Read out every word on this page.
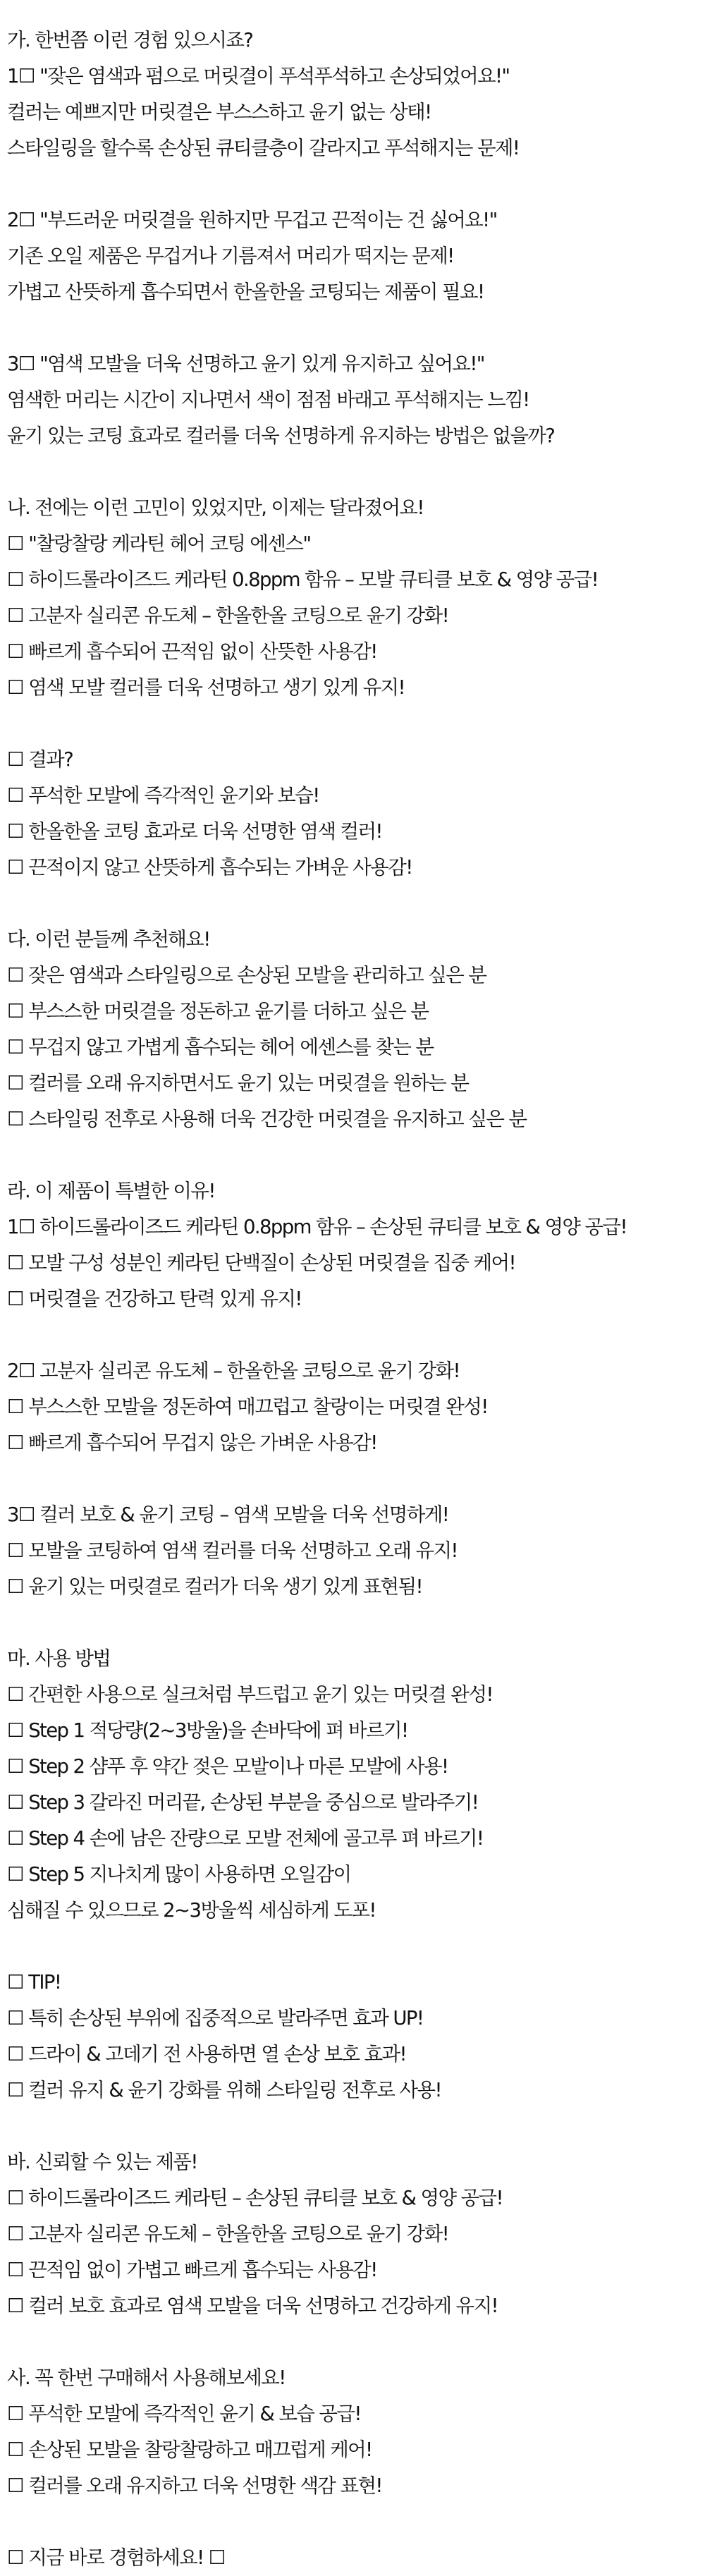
가. 한번쯤 이런 경험 있으시죠?
1☐ "잦은 염색과 펌으로 머릿결이 푸석푸석하고 손상되었어요!"
컬러는 예쁘지만 머릿결은 부스스하고 윤기 없는 상태!
스타일링을 할수록 손상된 큐티클층이 갈라지고 푸석해지는 문제!
2☐ "부드러운 머릿결을 원하지만 무겁고 끈적이는 건 싫어요!"
기존 오일 제품은 무겁거나 기름져서 머리가 떡지는 문제!
가볍고 산뜻하게 흡수되면서 한올한올 코팅되는 제품이 필요!
3☐ "염색 모발을 더욱 선명하고 윤기 있게 유지하고 싶어요!"
염색한 머리는 시간이 지나면서 색이 점점 바래고 푸석해지는 느낌!
윤기 있는 코팅 효과로 컬러를 더욱 선명하게 유지하는 방법은 없을까?
나. 전에는 이런 고민이 있었지만, 이제는 달라졌어요!
☐ "찰랑찰랑 케라틴 헤어 코팅 에센스"
☐ 하이드롤라이즈드 케라틴 0.8ppm 함유 – 모발 큐티클 보호 & 영양 공급!
☐ 고분자 실리콘 유도체 – 한올한올 코팅으로 윤기 강화!
☐ 빠르게 흡수되어 끈적임 없이 산뜻한 사용감!
☐ 염색 모발 컬러를 더욱 선명하고 생기 있게 유지!
☐ 결과?
☐ 푸석한 모발에 즉각적인 윤기와 보습!
☐ 한올한올 코팅 효과로 더욱 선명한 염색 컬러!
☐ 끈적이지 않고 산뜻하게 흡수되는 가벼운 사용감!
다. 이런 분들께 추천해요!
☐ 잦은 염색과 스타일링으로 손상된 모발을 관리하고 싶은 분
☐ 부스스한 머릿결을 정돈하고 윤기를 더하고 싶은 분
☐ 무겁지 않고 가볍게 흡수되는 헤어 에센스를 찾는 분
☐ 컬러를 오래 유지하면서도 윤기 있는 머릿결을 원하는 분
☐ 스타일링 전후로 사용해 더욱 건강한 머릿결을 유지하고 싶은 분
라. 이 제품이 특별한 이유!
1☐ 하이드롤라이즈드 케라틴 0.8ppm 함유 – 손상된 큐티클 보호 & 영양 공급!
☐ 모발 구성 성분인 케라틴 단백질이 손상된 머릿결을 집중 케어!
☐ 머릿결을 건강하고 탄력 있게 유지!
2☐ 고분자 실리콘 유도체 – 한올한올 코팅으로 윤기 강화!
☐ 부스스한 모발을 정돈하여 매끄럽고 찰랑이는 머릿결 완성!
☐ 빠르게 흡수되어 무겁지 않은 가벼운 사용감!
3☐ 컬러 보호 & 윤기 코팅 – 염색 모발을 더욱 선명하게!
☐ 모발을 코팅하여 염색 컬러를 더욱 선명하고 오래 유지!
☐ 윤기 있는 머릿결로 컬러가 더욱 생기 있게 표현됨!
마. 사용 방법
☐ 간편한 사용으로 실크처럼 부드럽고 윤기 있는 머릿결 완성!
☐ Step 1 적당량(2~3방울)을 손바닥에 펴 바르기!
☐ Step 2 샴푸 후 약간 젖은 모발이나 마른 모발에 사용!
☐ Step 3 갈라진 머리끝, 손상된 부분을 중심으로 발라주기!
☐ Step 4 손에 남은 잔량으로 모발 전체에 골고루 펴 바르기!
☐ Step 5 지나치게 많이 사용하면 오일감이
심해질 수 있으므로 2~3방울씩 세심하게 도포!
☐ TIP!
☐ 특히 손상된 부위에 집중적으로 발라주면 효과 UP!
☐ 드라이 & 고데기 전 사용하면 열 손상 보호 효과!
☐ 컬러 유지 & 윤기 강화를 위해 스타일링 전후로 사용!
바. 신뢰할 수 있는 제품!
☐ 하이드롤라이즈드 케라틴 – 손상된 큐티클 보호 & 영양 공급!
☐ 고분자 실리콘 유도체 – 한올한올 코팅으로 윤기 강화!
☐ 끈적임 없이 가볍고 빠르게 흡수되는 사용감!
☐ 컬러 보호 효과로 염색 모발을 더욱 선명하고 건강하게 유지!
사. 꼭 한번 구매해서 사용해보세요!
☐ 푸석한 모발에 즉각적인 윤기 & 보습 공급!
☐ 손상된 모발을 찰랑찰랑하고 매끄럽게 케어!
☐ 컬러를 오래 유지하고 더욱 선명한 색감 표현!
☐ 지금 바로 경험하세요! ☐
